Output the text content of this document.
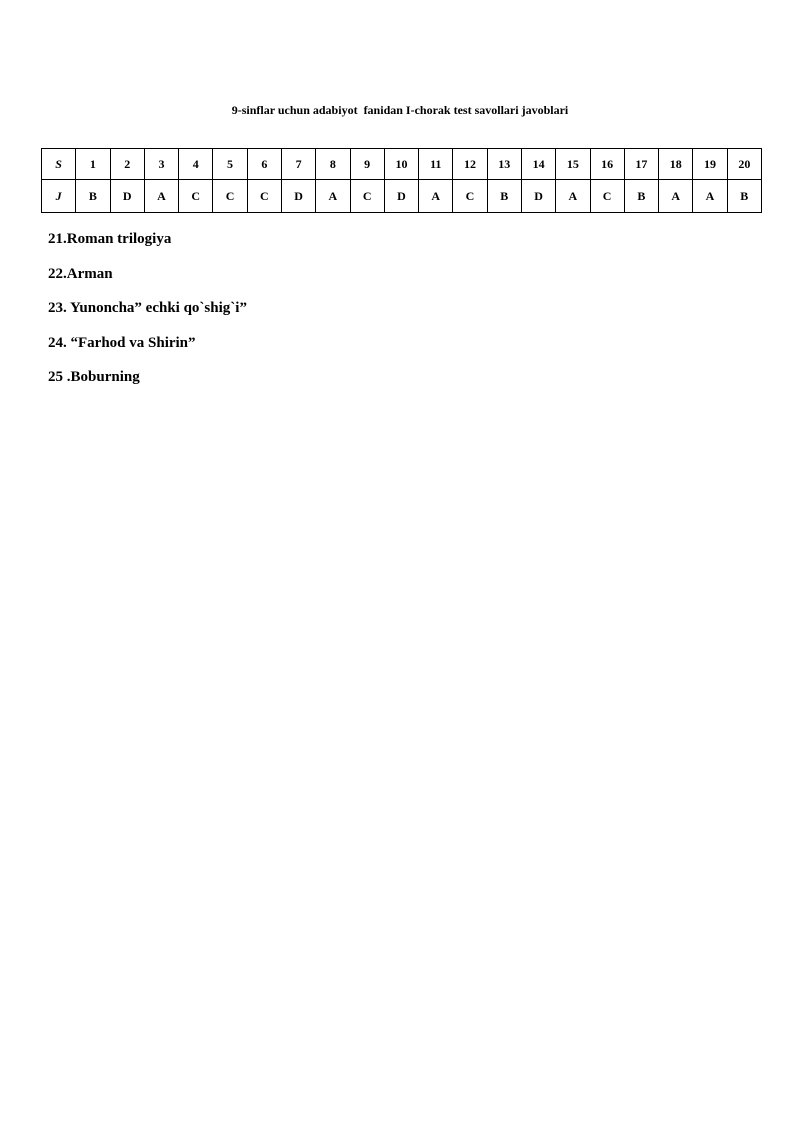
9-sinflar uchun adabiyot  fanidan I-chorak test savollari javoblari
S	1	2	3	4	5	6	7	8	9	10	11	12	13	14	15	16	17	18	19	20
J	B	D	A	C	C	C	D	A	C	D	A	C	B	D	A	C	B	A	A	B
21.Roman trilogiya
22.Arman
23. Yunoncha” echki qo`shig`i”
24. “Farhod va Shirin”
25 .Boburning
